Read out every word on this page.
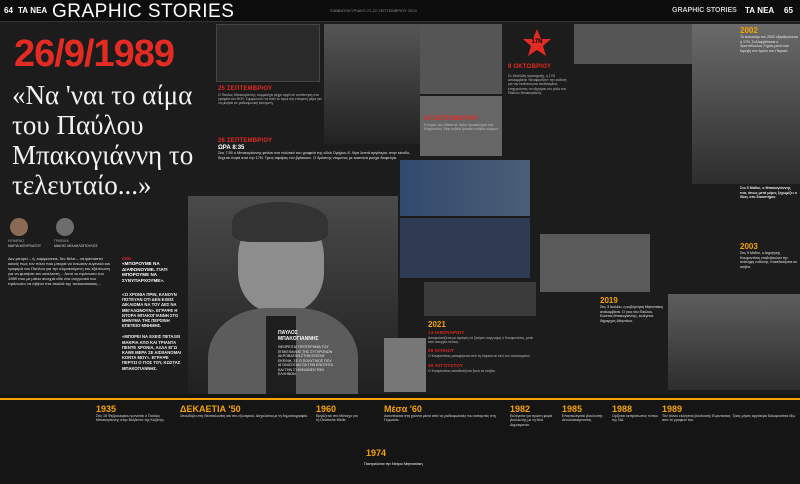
64 ΤΑ ΝΕΑ GRAPHIC STORIES	ΣΑΒΒΑΤΟΚΥΡΙΑΚΟ 21-22 ΣΕΠΤΕΜΒΡΙΟΥ 2024	GRAPHIC STORIES ΤΑ ΝΕΑ 65
26/9/1989
«Να 'ναι το αίμα του Παύλου Μπακογιάννη το τελευταίο...»
ΚΕΙΜΕΝΟ
ΜΑΡΙΑ ΜΟΥΡΛΑΤΟΥ
ΓΡΑΦΙΚΑ
ΜΑΚΗΣ ΜΙΧΑΗΛΟΠΟΥΛΟΣ
Δεν μπορεί – ή, καρφώνεται, δεν θέλει – να φανταστεί κανείς πως τον πόνο που μπορεί να ένιωσαν ευγενικά και τρυφερά του Παύλου για την κλιμακούμενη του εξάπλωση για να φυσήσει τον εκτελεστή… Αυτό το πρόσωπο του 1989 που με μάτια ανοιχτά είδε ένα συγγενικό του πρόσωπο να σβήνει στα σκαλιά της πολυκατοικίας…
ΕΠΕΙ
«ΜΠΟΡΟΥΜΕ ΝΑ ΔΙΑΦΩΝΟΥΜΕ. ΓΙΑΤΙ ΜΠΟΡΟΥΜΕ ΝΑ ΣΥΝΥΠΑΡΧΟΥΜΕ».
«ΣΙ ΧΡΟΝΙΑ ΠΡΙΝ, ΚΑΝΟΥΝ ΠΙΣΤΕΥΑΝ ΟΤΙ ΔΕΝ ΕΧΕΙΣ ΔΙΚΑΙΩΜΑ ΝΑ ΤΟΥ ΔΕΣ ΝΑ ΜΕΓΑΛΩΝΟΥΝ». ΕΓΡΑΨΕ Η ΝΤΟΡΑ ΜΠΑΚΟΓΙΑΝΝΗ ΣΤΟ ΜΗΝΥΜΑ ΤΗΣ ΠΕΡΣΙΝΗ ΕΠΕΤΕΙΟ ΜΝΗΜΗΣ.
«ΜΠΟΡΕΙ ΝΑ ΕΧΕΙΣ ΠΕΤΑΞΕΙ ΜΑΚΡΙΑ ΑΠΟ ΚΑΙ ΤΡΙΑΝΤΑ ΠΕΝΤΕ ΧΡΟΝΙΑ, ΑΛΛΑ ΕΓΩ ΚΑΘΕ ΜΕΡΑ ΣΕ ΑΙΣΘΑΝΟΜΑΙ ΚΟΝΤΑ ΜΟΥ». ΕΓΡΑΨΕ ΠΕΡΥΣΙ Ο ΓΙΟΣ ΤΟΥ, ΚΩΣΤΑΣ ΜΠΑΚΟΓΙΑΝΝΗΣ.
ΠΑΥΛΟΣ ΜΠΑΚΟΓΙΑΝΝΗΣ
ΘΕΩΡΕΙΤΑΙ ΠΡΟΤΕΡΗΜΑ ΤΟΥ ΕΠΙΚΕΦΑΛΗΣ ΤΗΣ ΣΥΓΧΡΟΝΩΝ ΑΚΡΟΒΑΤΩΝ ΣΤΗΝ ΕΠΟΧΗ ΕΚΕΙΝΗ, ΣΕ Ο ΠΟΛΥΤΙΚΟΣ ΠΟΥ ΑΓΩΝΙΖΟΤΑΝ ΓΙΑ ΤΗΝ ΕΝΟΤΗΤΑ ΚΑΙ ΤΗΝ ΣΥΜΦΙΛΙΩΣΗ ΤΩΝ ΕΛΛΗΝΩΝ.
25 ΣΕΠΤΕΜΒΡΙΟΥ
Ο Παύλος Μπακογιάννης συμμετέχει μέχρι αργά σε συνάντηση στα γραφεία του ΝΟΥ. Συμφωνούν να πάει το πρωί την επόμενη μέρα για να μιλήσει σε ραδιοφωνική εκπομπή.
26 ΣΕΠΤΕΜΒΡΙΟΥ
ΩΡΑ 8:35
Στις 7.55 ο Μπακογιάννης φτάνει στο πολιτικό του γραφείο της οδού Ομήρου 8. Λίγα λεπτά αργότερα, στην είσοδο, δέχεται πυρά από την 17Ν. Τρεις σφαίρες τον βρίσκουν. Ο δράστης ντυμένος με καστανά ρούχα διαφεύγει.
29 ΣΕΠΤΕΜΒΡΙΟΥ
Η σορός του τίθεται σε λαϊκό προσκύνημα στη Μητρόπολη. Στην κηδεία ξεσπάει πλήθος κόσμου.
17N
9 ΟΚΤΩΒΡΙΟΥ
Σε 15σέλιδη προκήρυξη, η 17Ν αναλαμβάνει «Αναφανδόν» την ευθύνη για την εκτέλεση και λανθασμένα, επιχειρώντας να εξηγήσει τον ρόλο του Παύλου Μπακογιάννη.
2002
Το καλοκαίρι του 2002 εξαρθρώνεται η 17Ν. Συλλαμβάνεται ο Χριστόδουλος Ξηρός μετά από έκρηξη στο λιμάνι του Πειραιά.
2003
Στις 5 Μαΐου, ο Δημήτρης Κουφοντίνας επιβεβαιώνει την ανάληψη ευθύνης. Καταδικάζεται σε ισόβια.
Στο 5 Μαΐου, ο Μπακογιάννης πια, όπως μετά μέρες ξεχωρίζει ο ίδιος στο δικαστήριο.
2021
14 ΙΑΝΟΥΑΡΙΟΥ
Αποφυλακίζεται με άρνηση να ζητήσει συγγνώμη ο Κουφοντίνας, μετά από απεργία πείνας.
26 ΙΟΥΛΙΟΥ
Ο Κουφοντίνας μεταφέρεται από τη Λάρισα σε κελί του νοσοκομείου.
15 ΑΥΓΟΥΣΤΟΥ
Ο Κουφοντίνας καταδικάζεται ξανά σε ισόβια.
2019
Στις 3 Ιουλίου, η κυβέρνηση Μητσοτάκη αναλαμβάνει. Ο γιος του Παύλου, Κώστας Μπακογιάννης, εκλέγεται δήμαρχος Αθηναίων.
Παντρεύεται την Ντόρα Μητσοτάκη
1935
Στις 18 Φεβρουαρίου γεννιέται ο Παύλος Μπακογιάννης στην Βελβεντό της Κοζάνης.
ΔΕΚΑΕΤΙΑ '50
Σπουδάζει στη Θεσσαλονίκη και στο εξωτερικό. Ασχολείται με τη δημοσιογραφία.
1960
Εργάζεται στο Μόναχο για τη Deutsche Welle.
Μέσα '60
Αντιστέκεται στη χούντα μέσα από τις ραδιοφωνικές του εκπομπές στη Γερμανία.
1974
1982
Εκλέγεται για πρώτη φορά βουλευτής με τη Νέα Δημοκρατία.
1985
Επανεκλέγεται βουλευτής Αιτωλοακαρνανίας.
1988
Ορίζεται εκπρόσωπος τύπου της ΝΔ.
1989
Τον Ιούνιο εκλέγεται βουλευτής Ευρυτανίας. Τρεις μήνες αργότερα δολοφονείται έξω από το γραφείο του.
